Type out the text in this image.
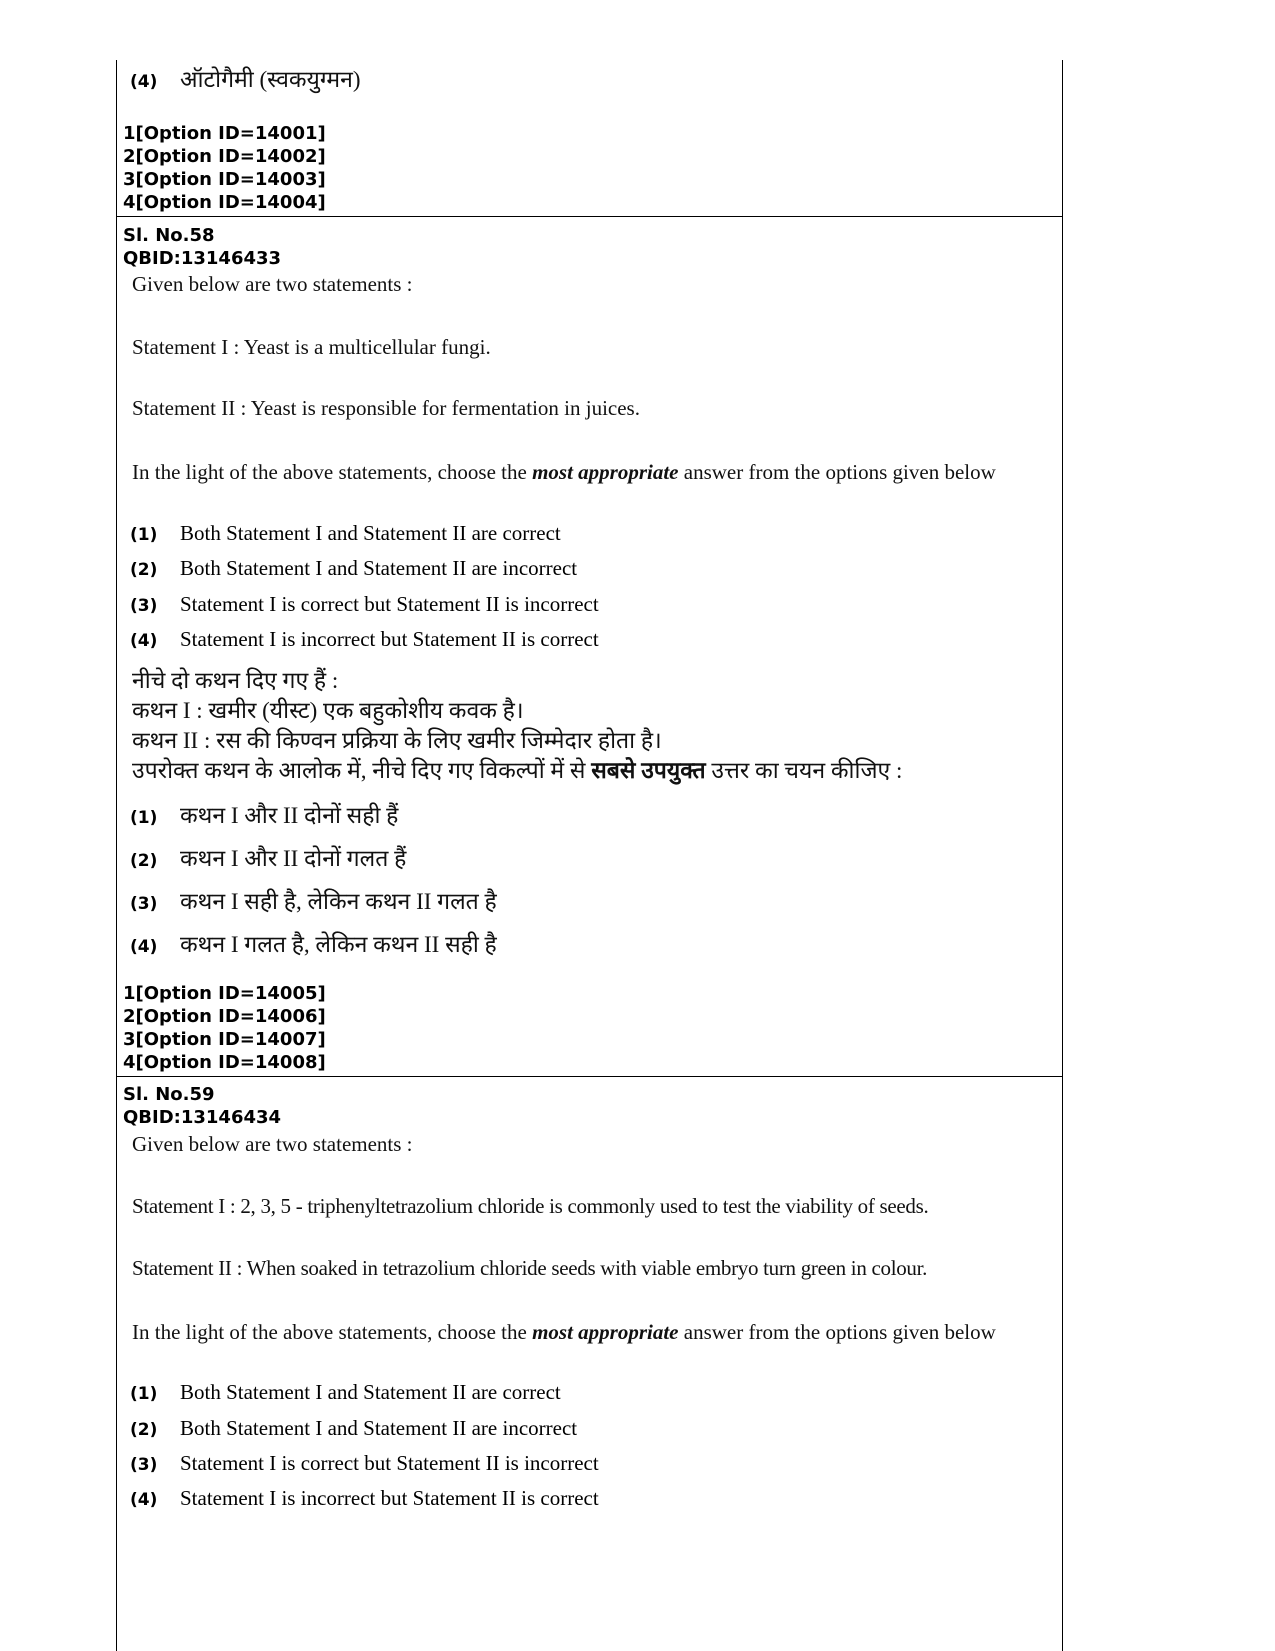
(4) ऑटोगैमी (स्वकयुग्मन)
1[Option ID=14001]
2[Option ID=14002]
3[Option ID=14003]
4[Option ID=14004]
Sl. No.58
QBID:13146433
Given below are two statements :
Statement I : Yeast is a multicellular fungi.
Statement II : Yeast is responsible for fermentation in juices.
In the light of the above statements, choose the most appropriate answer from the options given below
(1) Both Statement I and Statement II are correct
(2) Both Statement I and Statement II are incorrect
(3) Statement I is correct but Statement II is incorrect
(4) Statement I is incorrect but Statement II is correct
नीचे दो कथन दिए गए हैं :
कथन I : खमीर (यीस्ट) एक बहुकोशीय कवक है।
कथन II : रस की किण्वन प्रक्रिया के लिए खमीर जिम्मेदार होता है।
उपरोक्त कथन के आलोक में, नीचे दिए गए विकल्पों में से सबसे उपयुक्त उत्तर का चयन कीजिए :
(1) कथन I और II दोनों सही हैं
(2) कथन I और II दोनों गलत हैं
(3) कथन I सही है, लेकिन कथन II गलत है
(4) कथन I गलत है, लेकिन कथन II सही है
1[Option ID=14005]
2[Option ID=14006]
3[Option ID=14007]
4[Option ID=14008]
Sl. No.59
QBID:13146434
Given below are two statements :
Statement I : 2, 3, 5 - triphenyltetrazolium chloride is commonly used to test the viability of seeds.
Statement II : When soaked in tetrazolium chloride seeds with viable embryo turn green in colour.
In the light of the above statements, choose the most appropriate answer from the options given below
(1) Both Statement I and Statement II are correct
(2) Both Statement I and Statement II are incorrect
(3) Statement I is correct but Statement II is incorrect
(4) Statement I is incorrect but Statement II is correct
